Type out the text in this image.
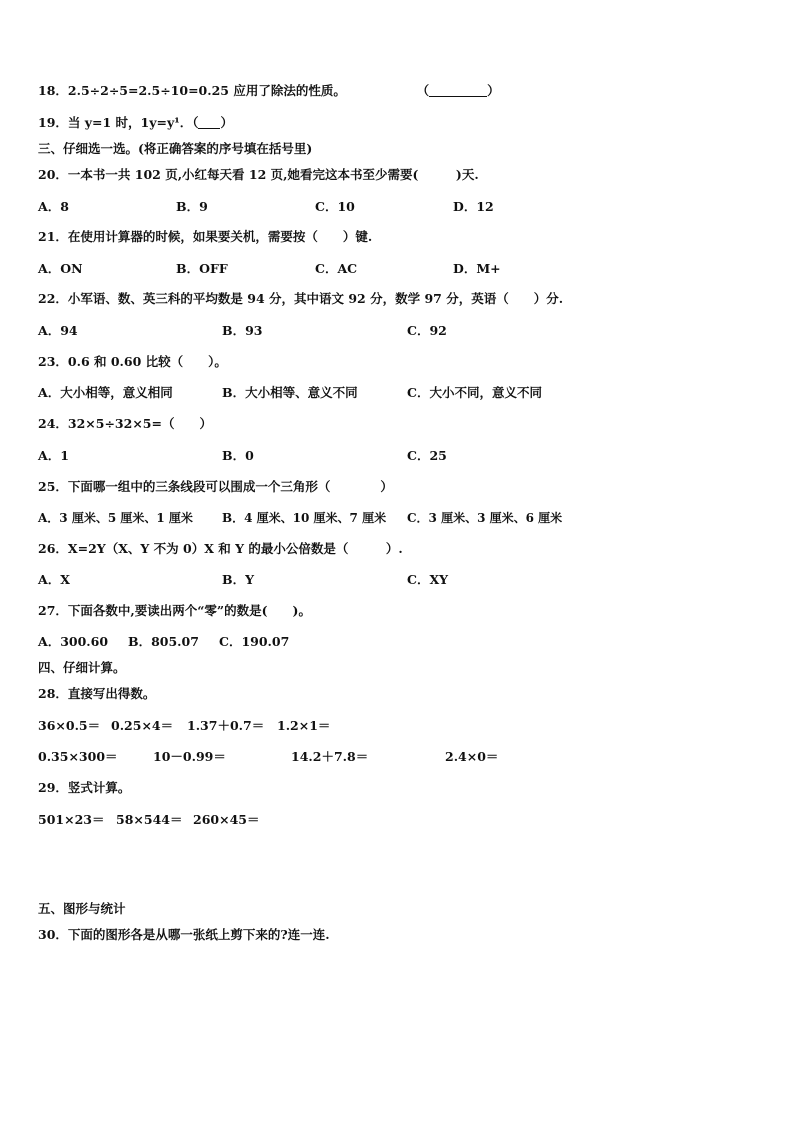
18．2.5÷2÷5=2.5÷10=0.25 应用了除法的性质。	（	）
19．当 y=1 时，1y=y¹．（ ）
三、仔细选一选。(将正确答案的序号填在括号里)
20．一本书一共 102 页,小红每天看 12 页,她看完这本书至少需要(　　　)天.
A．8	B．9	C．10	D．12
21．在使用计算器的时候，如果要关机，需要按（　　）键.
A．ON	B．OFF	C．AC	D．M+
22．小军语、数、英三科的平均数是 94 分，其中语文 92 分，数学 97 分，英语（　　）分.
A．94	B．93	C．92
23．0.6 和 0.60 比较（　　）。
A．大小相等，意义相同	B．大小相等、意义不同	C．大小不同，意义不同
24．32×5÷32×5=（　　）
A．1	B．0	C．25
25．下面哪一组中的三条线段可以围成一个三角形（　　　　）
A．3 厘米、5 厘米、1 厘米 B．4 厘米、10 厘米、7 厘米 C．3 厘米、3 厘米、6 厘米
26．X=2Y（X、Y 不为 0）X 和 Y 的最小公倍数是（　　　）.
A．X	B．Y	C．XY
27．下面各数中,要读出两个“零”的数是(　　)。
A．300.60 B．805.07 C．190.07
四、仔细计算。
28．直接写出得数。
36×0.5＝ 0.25×4＝ 1.37＋0.7＝ 1.2×1＝
0.35×300＝	10－0.99＝	14.2＋7.8＝	2.4×0＝
29．竖式计算。
501×23＝ 58×544＝ 260×45＝
五、图形与统计
30．下面的图形各是从哪一张纸上剪下来的?连一连.
